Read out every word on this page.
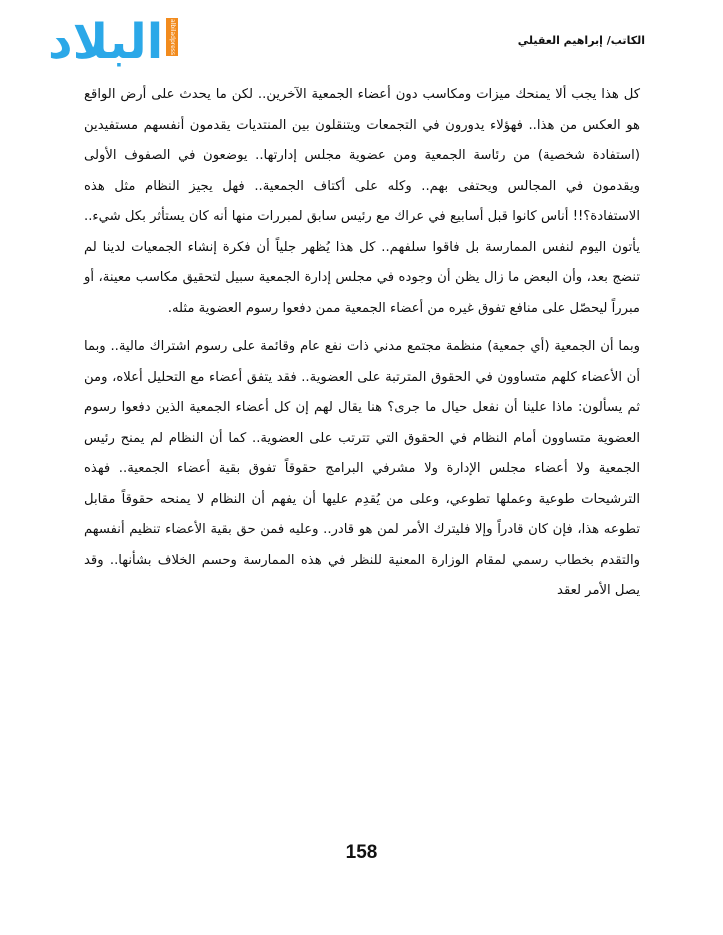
البلاد	albiladpress	الكاتب/ إبراهيم العقيلي

كل هذا يجب ألا يمنحك ميزات ومكاسب دون أعضاء الجمعية الآخرين.. لكن ما يحدث على أرض الواقع هو العكس من هذا.. فهؤلاء يدورون في التجمعات ويتنقلون بين المنتديات يقدمون أنفسهم مستفيدين (استفادة شخصية) من رئاسة الجمعية ومن عضوية مجلس إدارتها.. يوضعون في الصفوف الأولى ويقدمون في المجالس ويحتفى بهم.. وكله على أكتاف الجمعية.. فهل يجيز النظام مثل هذه الاستفادة؟!! أناس كانوا قبل أسابيع في عراك مع رئيس سابق لمبررات منها أنه كان يستأثر بكل شيء.. يأتون اليوم لنفس الممارسة بل فاقوا سلفهم.. كل هذا يُظهر جلياً أن فكرة إنشاء الجمعيات لدينا لم تنضج بعد، وأن البعض ما زال يظن أن وجوده في مجلس إدارة الجمعية سبيل لتحقيق مكاسب معينة، أو مبرراً ليحصّل على منافع تفوق غيره من أعضاء الجمعية ممن دفعوا رسوم العضوية مثله.

وبما أن الجمعية (أي جمعية) منظمة مجتمع مدني ذات نفع عام وقائمة على رسوم اشتراك مالية.. وبما أن الأعضاء كلهم متساوون في الحقوق المترتبة على العضوية.. فقد يتفق أعضاء مع التحليل أعلاه، ومن ثم يسألون: ماذا علينا أن نفعل حيال ما جرى؟ هنا يقال لهم إن كل أعضاء الجمعية الذين دفعوا رسوم العضوية متساوون أمام النظام في الحقوق التي تترتب على العضوية.. كما أن النظام لم يمنح رئيس الجمعية ولا أعضاء مجلس الإدارة ولا مشرفي البرامج حقوقاً تفوق بقية أعضاء الجمعية.. فهذه الترشيحات طوعية وعملها تطوعي، وعلى من يُقدِم عليها أن يفهم أن النظام لا يمنحه حقوقاً مقابل تطوعه هذا، فإن كان قادراً وإلا فليترك الأمر لمن هو قادر.. وعليه فمن حق بقية الأعضاء تنظيم أنفسهم والتقدم بخطاب رسمي لمقام الوزارة المعنية للنظر في هذه الممارسة وحسم الخلاف بشأنها.. وقد يصل الأمر لعقد

158
